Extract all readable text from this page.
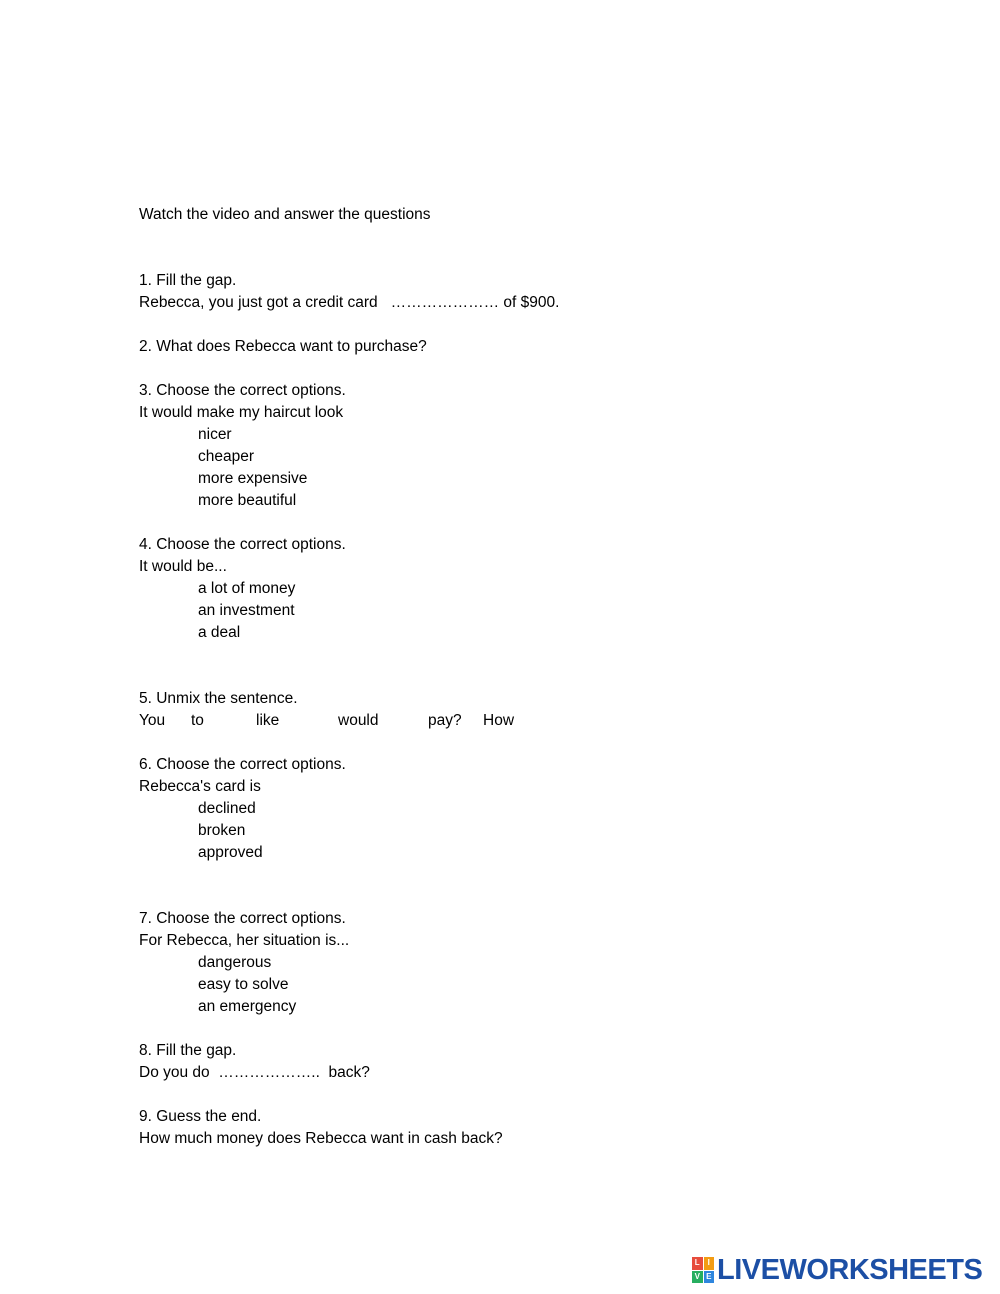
Watch the video and answer the questions
1. Fill the gap.
Rebecca, you just got a credit card   ………………… of $900.
2. What does Rebecca want to purchase?
3. Choose the correct options.
It would make my haircut look
nicer
cheaper
more expensive
more beautiful
4. Choose the correct options.
It would be...
a lot of money
an investment
a deal
5. Unmix the sentence.

You

to

	like

	would

	pay?

How

6. Choose the correct options.
Rebecca's card is
declined
broken
approved
7. Choose the correct options.
For Rebecca, her situation is...
dangerous
easy to solve
an emergency
8. Fill the gap.
Do you do  ………………..  back?
9. Guess the end.
How much money does Rebecca want in cash back?
L I
V E LIVEWORKSHEETS
